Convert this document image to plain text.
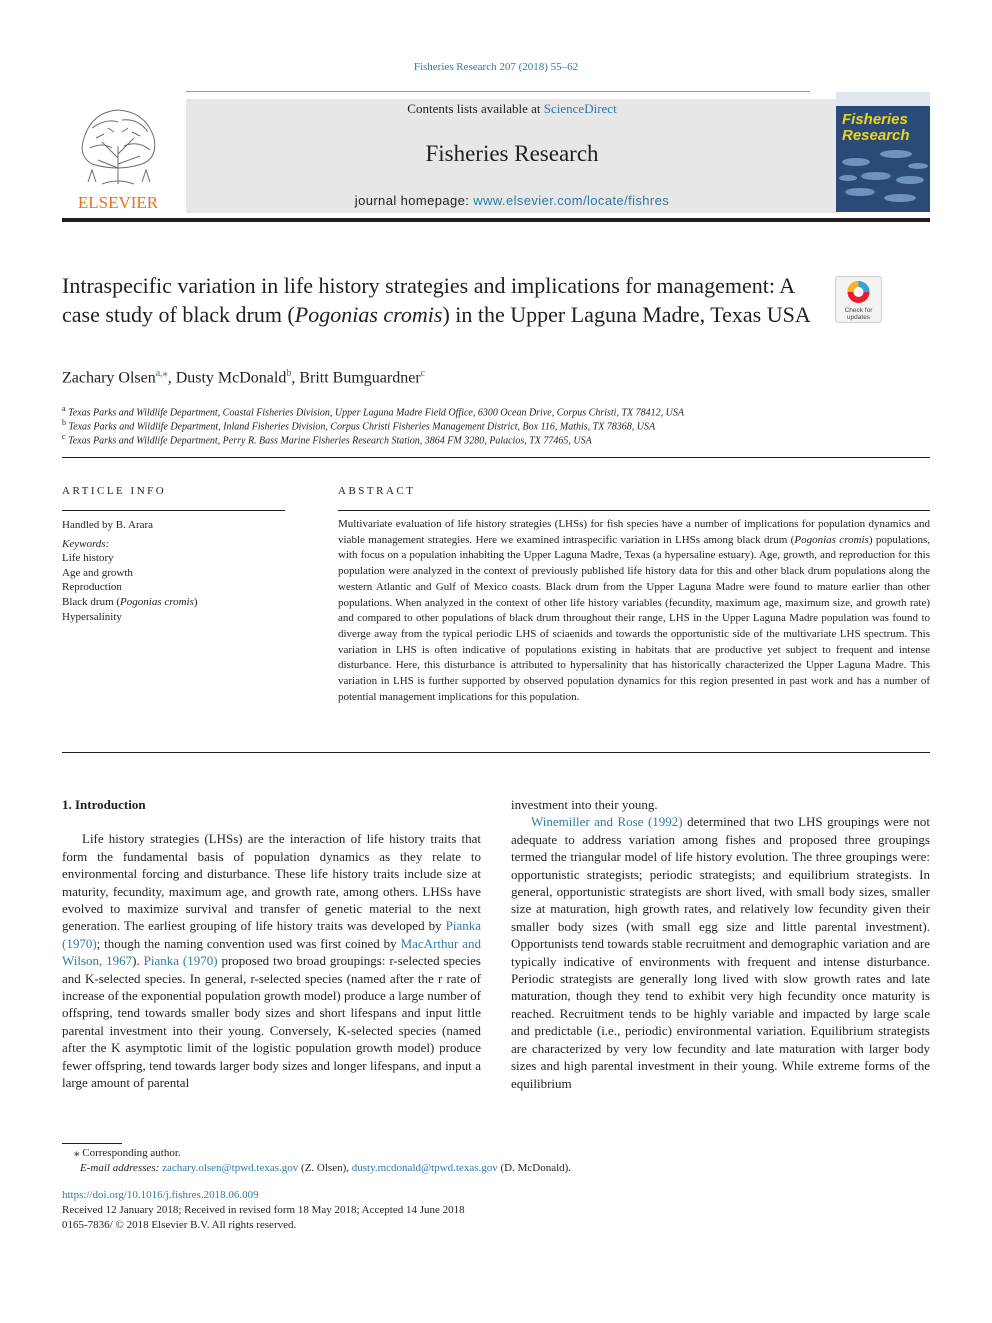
Fisheries Research 207 (2018) 55–62
ELSEVIER
Contents lists available at ScienceDirect
Fisheries Research
journal homepage: www.elsevier.com/locate/fishres
Fisheries
Research
Intraspecific variation in life history strategies and implications for management: A case study of black drum (Pogonias cromis) in the Upper Laguna Madre, Texas USA	Check for
updates
Zachary Olsen$^{a,⁎}$, Dusty McDonald$^b$, Britt Bumguardner$^c$
$^a$ Texas Parks and Wildlife Department, Coastal Fisheries Division, Upper Laguna Madre Field Office, 6300 Ocean Drive, Corpus Christi, TX 78412, USA
$^b$ Texas Parks and Wildlife Department, Inland Fisheries Division, Corpus Christi Fisheries Management District, Box 116, Mathis, TX 78368, USA
$^c$ Texas Parks and Wildlife Department, Perry R. Bass Marine Fisheries Research Station, 3864 FM 3280, Palacios, TX 77465, USA
ARTICLE INFO
Handled by B. Arara
Keywords:
Life history
Age and growth
Reproduction
Black drum (Pogonias cromis)
Hypersalinity
ABSTRACT
Multivariate evaluation of life history strategies (LHSs) for fish species have a number of implications for population dynamics and viable management strategies. Here we examined intraspecific variation in LHSs among black drum (Pogonias cromis) populations, with focus on a population inhabiting the Upper Laguna Madre, Texas (a hypersaline estuary). Age, growth, and reproduction for this population were analyzed in the context of previously published life history data for this and other black drum populations along the western Atlantic and Gulf of Mexico coasts. Black drum from the Upper Laguna Madre were found to mature earlier than other populations. When analyzed in the context of other life history variables (fecundity, maximum age, maximum size, and growth rate) and compared to other populations of black drum throughout their range, LHS in the Upper Laguna Madre population was found to diverge away from the typical periodic LHS of sciaenids and towards the opportunistic side of the multivariate LHS spectrum. This variation in LHS is often indicative of populations existing in habitats that are productive yet subject to frequent and intense disturbance. Here, this disturbance is attributed to hypersalinity that has historically characterized the Upper Laguna Madre. This variation in LHS is further supported by observed population dynamics for this region presented in past work and has a number of potential management implications for this population.

1. Introduction

Life history strategies (LHSs) are the interaction of life history traits that form the fundamental basis of population dynamics as they relate to environmental forcing and disturbance. These life history traits include size at maturity, fecundity, maximum age, and growth rate, among others. LHSs have evolved to maximize survival and transfer of genetic material to the next generation. The earliest grouping of life history traits was developed by Pianka (1970); though the naming convention used was first coined by MacArthur and Wilson, 1967). Pianka (1970) proposed two broad groupings: r-selected species and K-selected species. In general, r-selected species (named after the r rate of increase of the exponential population growth model) produce a large number of offspring, tend towards smaller body sizes and short lifespans and input little parental investment into their young. Conversely, K-selected species (named after the K asymptotic limit of the logistic population growth model) produce fewer offspring, tend towards larger body sizes and longer lifespans, and input a large amount of parental

investment into their young.

Winemiller and Rose (1992) determined that two LHS groupings were not adequate to address variation among fishes and proposed three groupings termed the triangular model of life history evolution. The three groupings were: opportunistic strategists; periodic strategists; and equilibrium strategists. In general, opportunistic strategists are short lived, with small body sizes, smaller size at maturation, high growth rates, and relatively low fecundity given their smaller body sizes (with small egg size and little parental investment). Opportunists tend towards stable recruitment and demographic variation and are typically indicative of environments with frequent and intense disturbance. Periodic strategists are generally long lived with slow growth rates and late maturation, though they tend to exhibit very high fecundity once maturity is reached. Recruitment tends to be highly variable and impacted by large scale and predictable (i.e., periodic) environmental variation. Equilibrium strategists are characterized by very low fecundity and late maturation with larger body sizes and high parental investment in their young. While extreme forms of the equilibrium

⁎ Corresponding author.
E-mail addresses: zachary.olsen@tpwd.texas.gov (Z. Olsen), dusty.mcdonald@tpwd.texas.gov (D. McDonald).
https://doi.org/10.1016/j.fishres.2018.06.009
Received 12 January 2018; Received in revised form 18 May 2018; Accepted 14 June 2018
0165-7836/ © 2018 Elsevier B.V. All rights reserved.
